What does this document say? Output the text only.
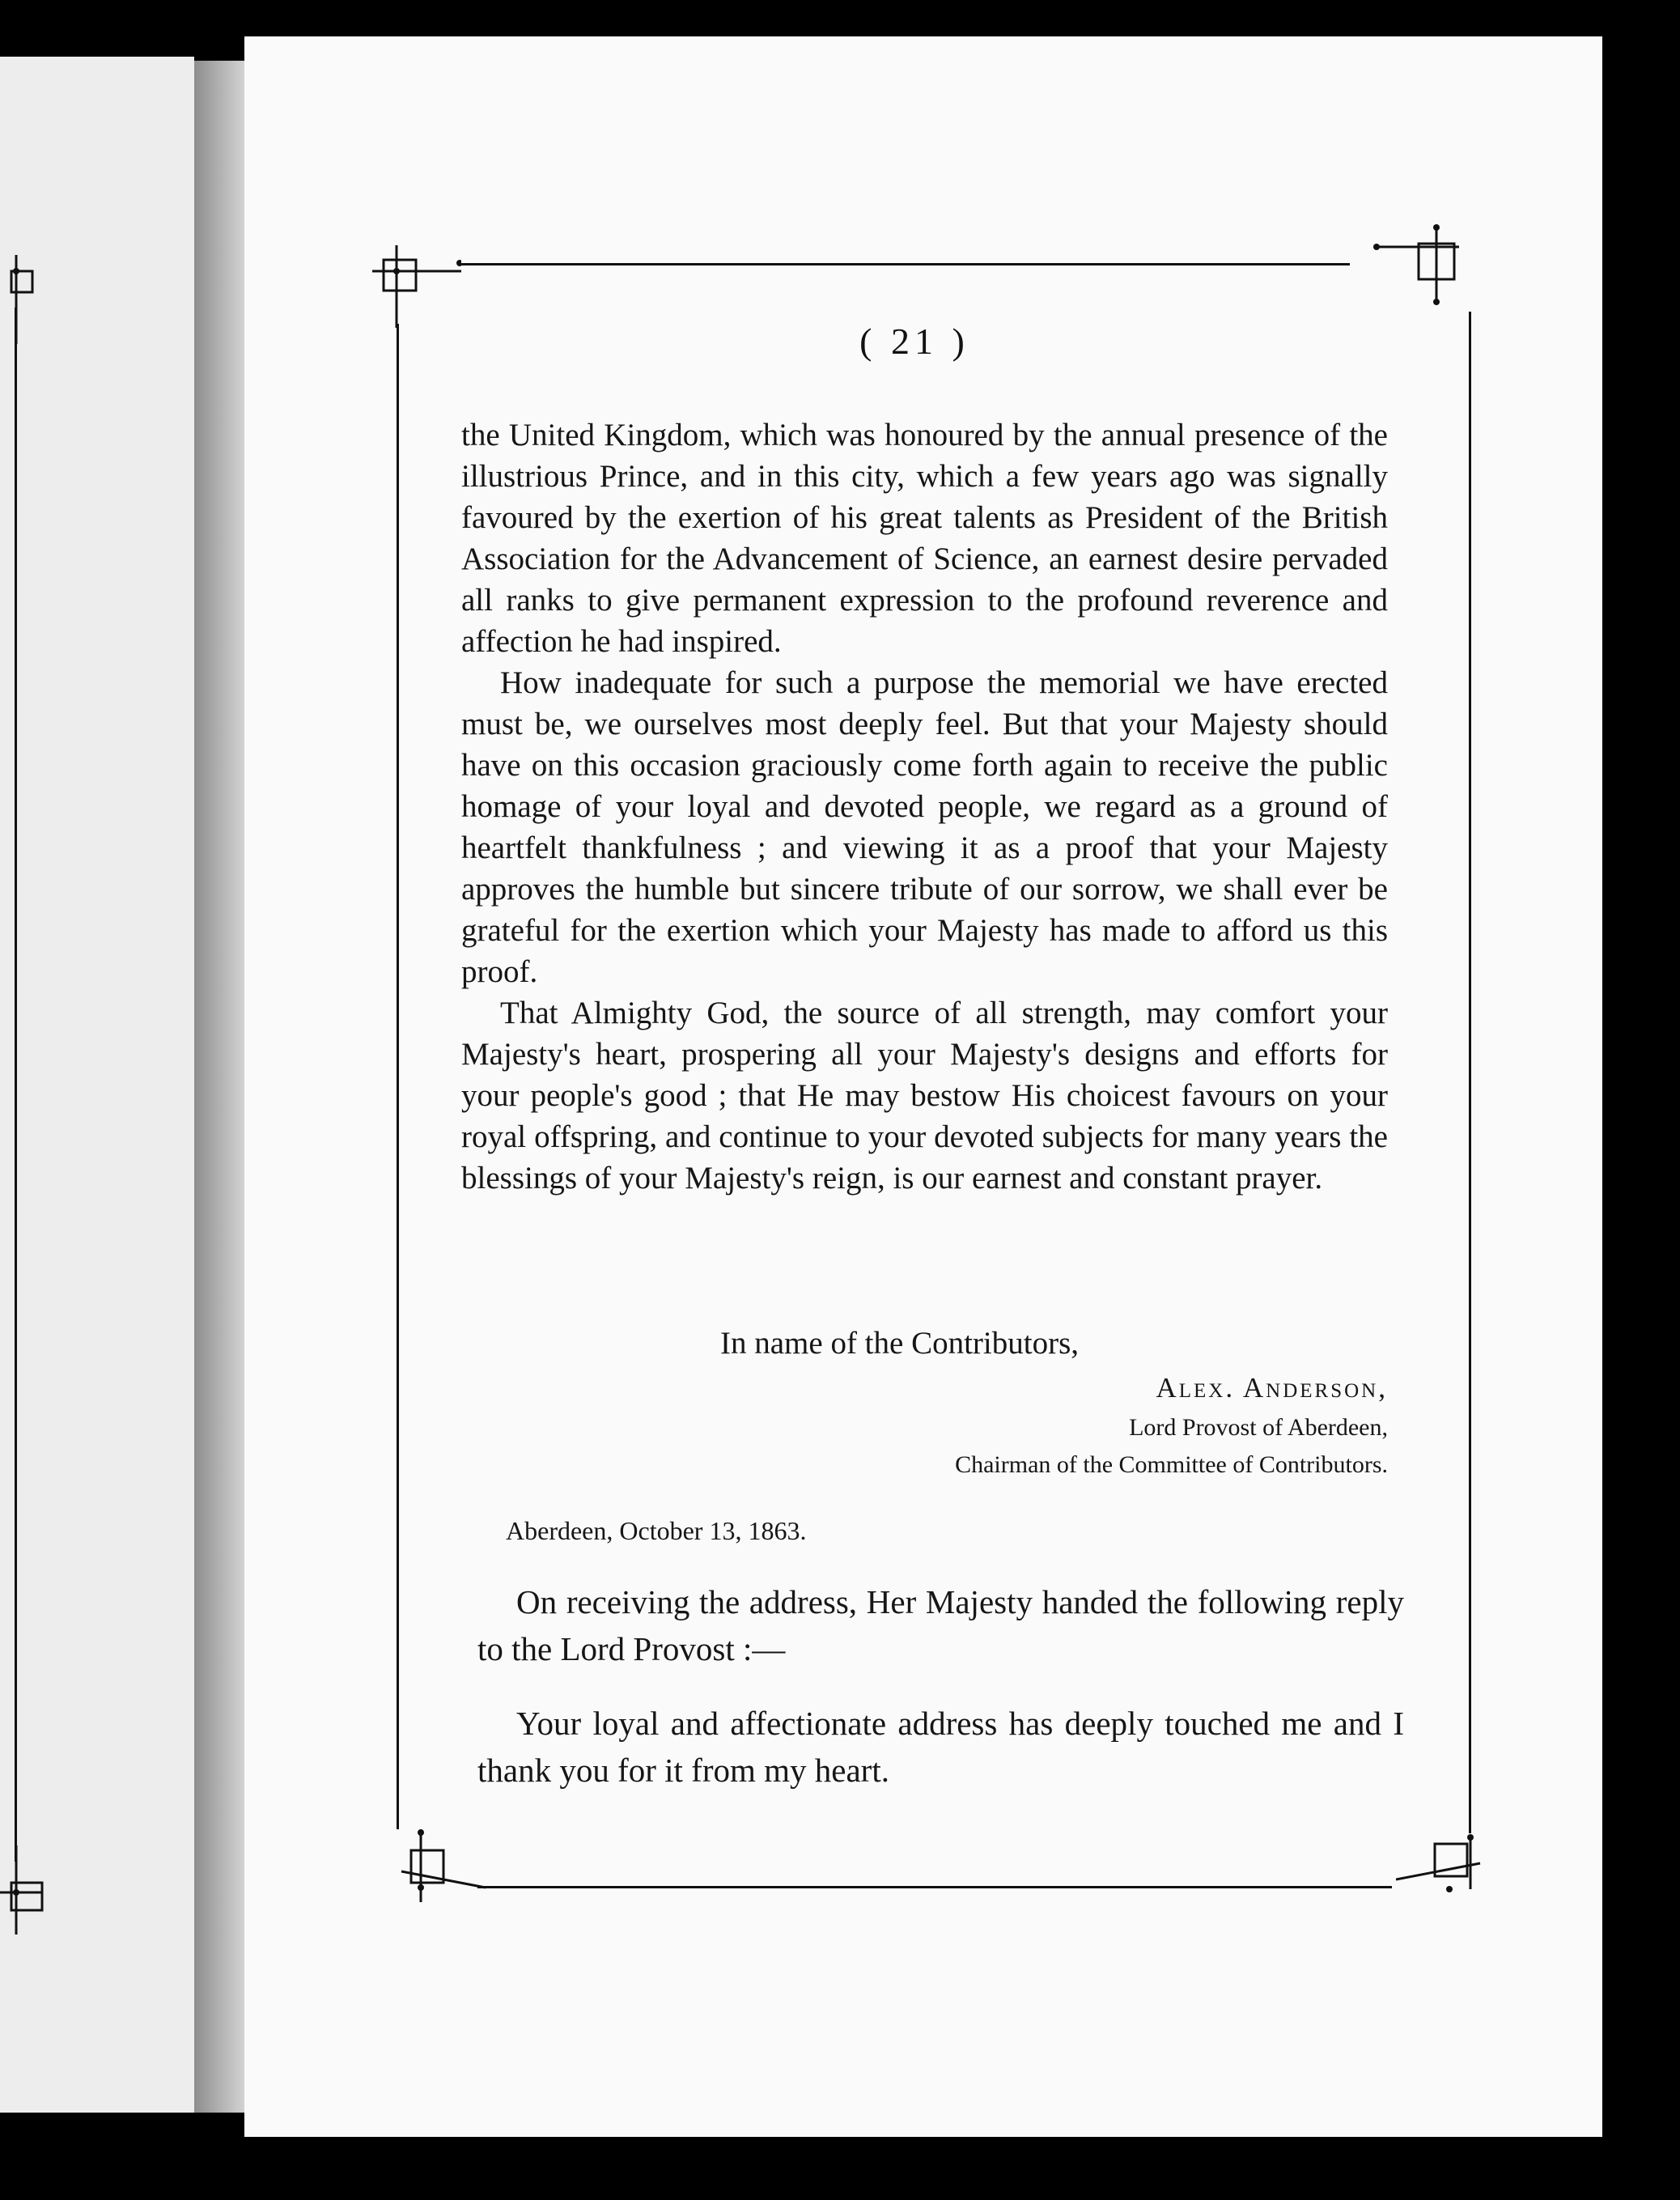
( 21 )

the United Kingdom, which was honoured by the annual presence of the illustrious Prince, and in this city, which a few years ago was signally favoured by the exertion of his great talents as President of the British Association for the Advancement of Science, an earnest desire pervaded all ranks to give permanent expression to the profound reverence and affection he had inspired.

How inadequate for such a purpose the memorial we have erected must be, we ourselves most deeply feel. But that your Majesty should have on this occasion graciously come forth again to receive the public homage of your loyal and devoted people, we regard as a ground of heartfelt thankfulness ; and viewing it as a proof that your Majesty approves the humble but sincere tribute of our sorrow, we shall ever be grateful for the exertion which your Majesty has made to afford us this proof.

That Almighty God, the source of all strength, may comfort your Majesty's heart, prospering all your Majesty's designs and efforts for your people's good ; that He may bestow His choicest favours on your royal offspring, and continue to your devoted subjects for many years the blessings of your Majesty's reign, is our earnest and constant prayer.

In name of the Contributors,
Alex. Anderson,
Lord Provost of Aberdeen,
Chairman of the Committee of Contributors.
Aberdeen, October 13, 1863.

On receiving the address, Her Majesty handed the following reply to the Lord Provost :—

Your loyal and affectionate address has deeply touched me and I thank you for it from my heart.
